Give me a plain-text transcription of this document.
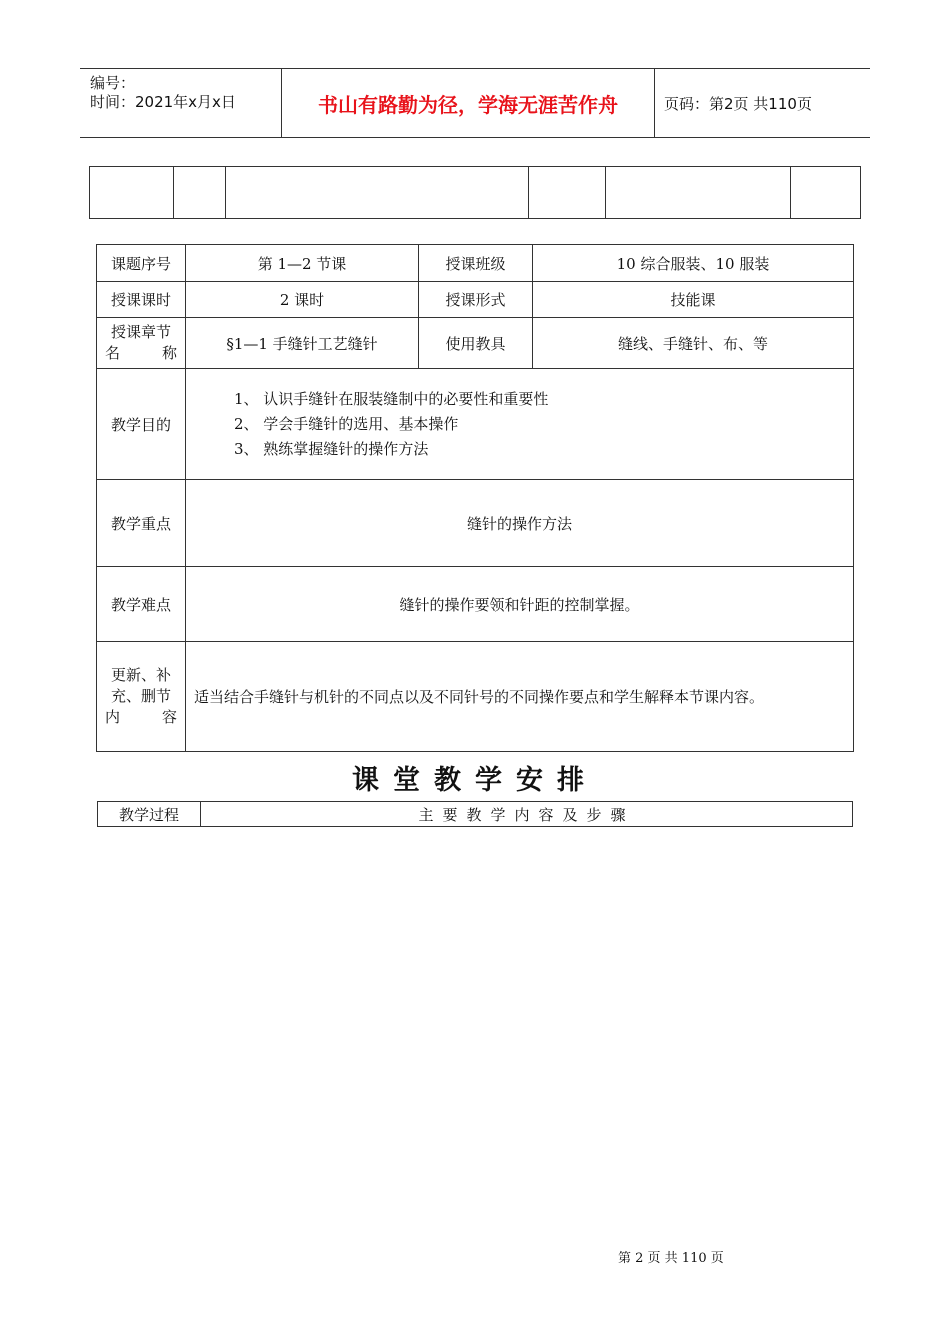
编号：
时间：2021年x月x日	书山有路勤为径，学海无涯苦作舟	页码：第2页 共110页

课题序号	第 1—2 节课	授课班级	10 综合服装、10 服装
授课课时	2 课时	授课形式	技能课

授课章节
名 称	§1—1 手缝针工艺缝针	使用教具	缝线、手缝针、布、等
教学目的	1、 认识手缝针在服装缝制中的必要性和重要性
2、 学会手缝针的选用、基本操作
3、 熟练掌握缝针的操作方法		

教学重点	缝针的操作方法		
教学难点	缝针的操作要领和针距的控制掌握。		

更新、补
充、删节
内 容	适当结合手缝针与机针的不同点以及不同针号的不同操作要点和学生解释本节课内容。		
课堂教学安排
教学过程	主要教学内容及步骤
第 2 页 共 110 页
